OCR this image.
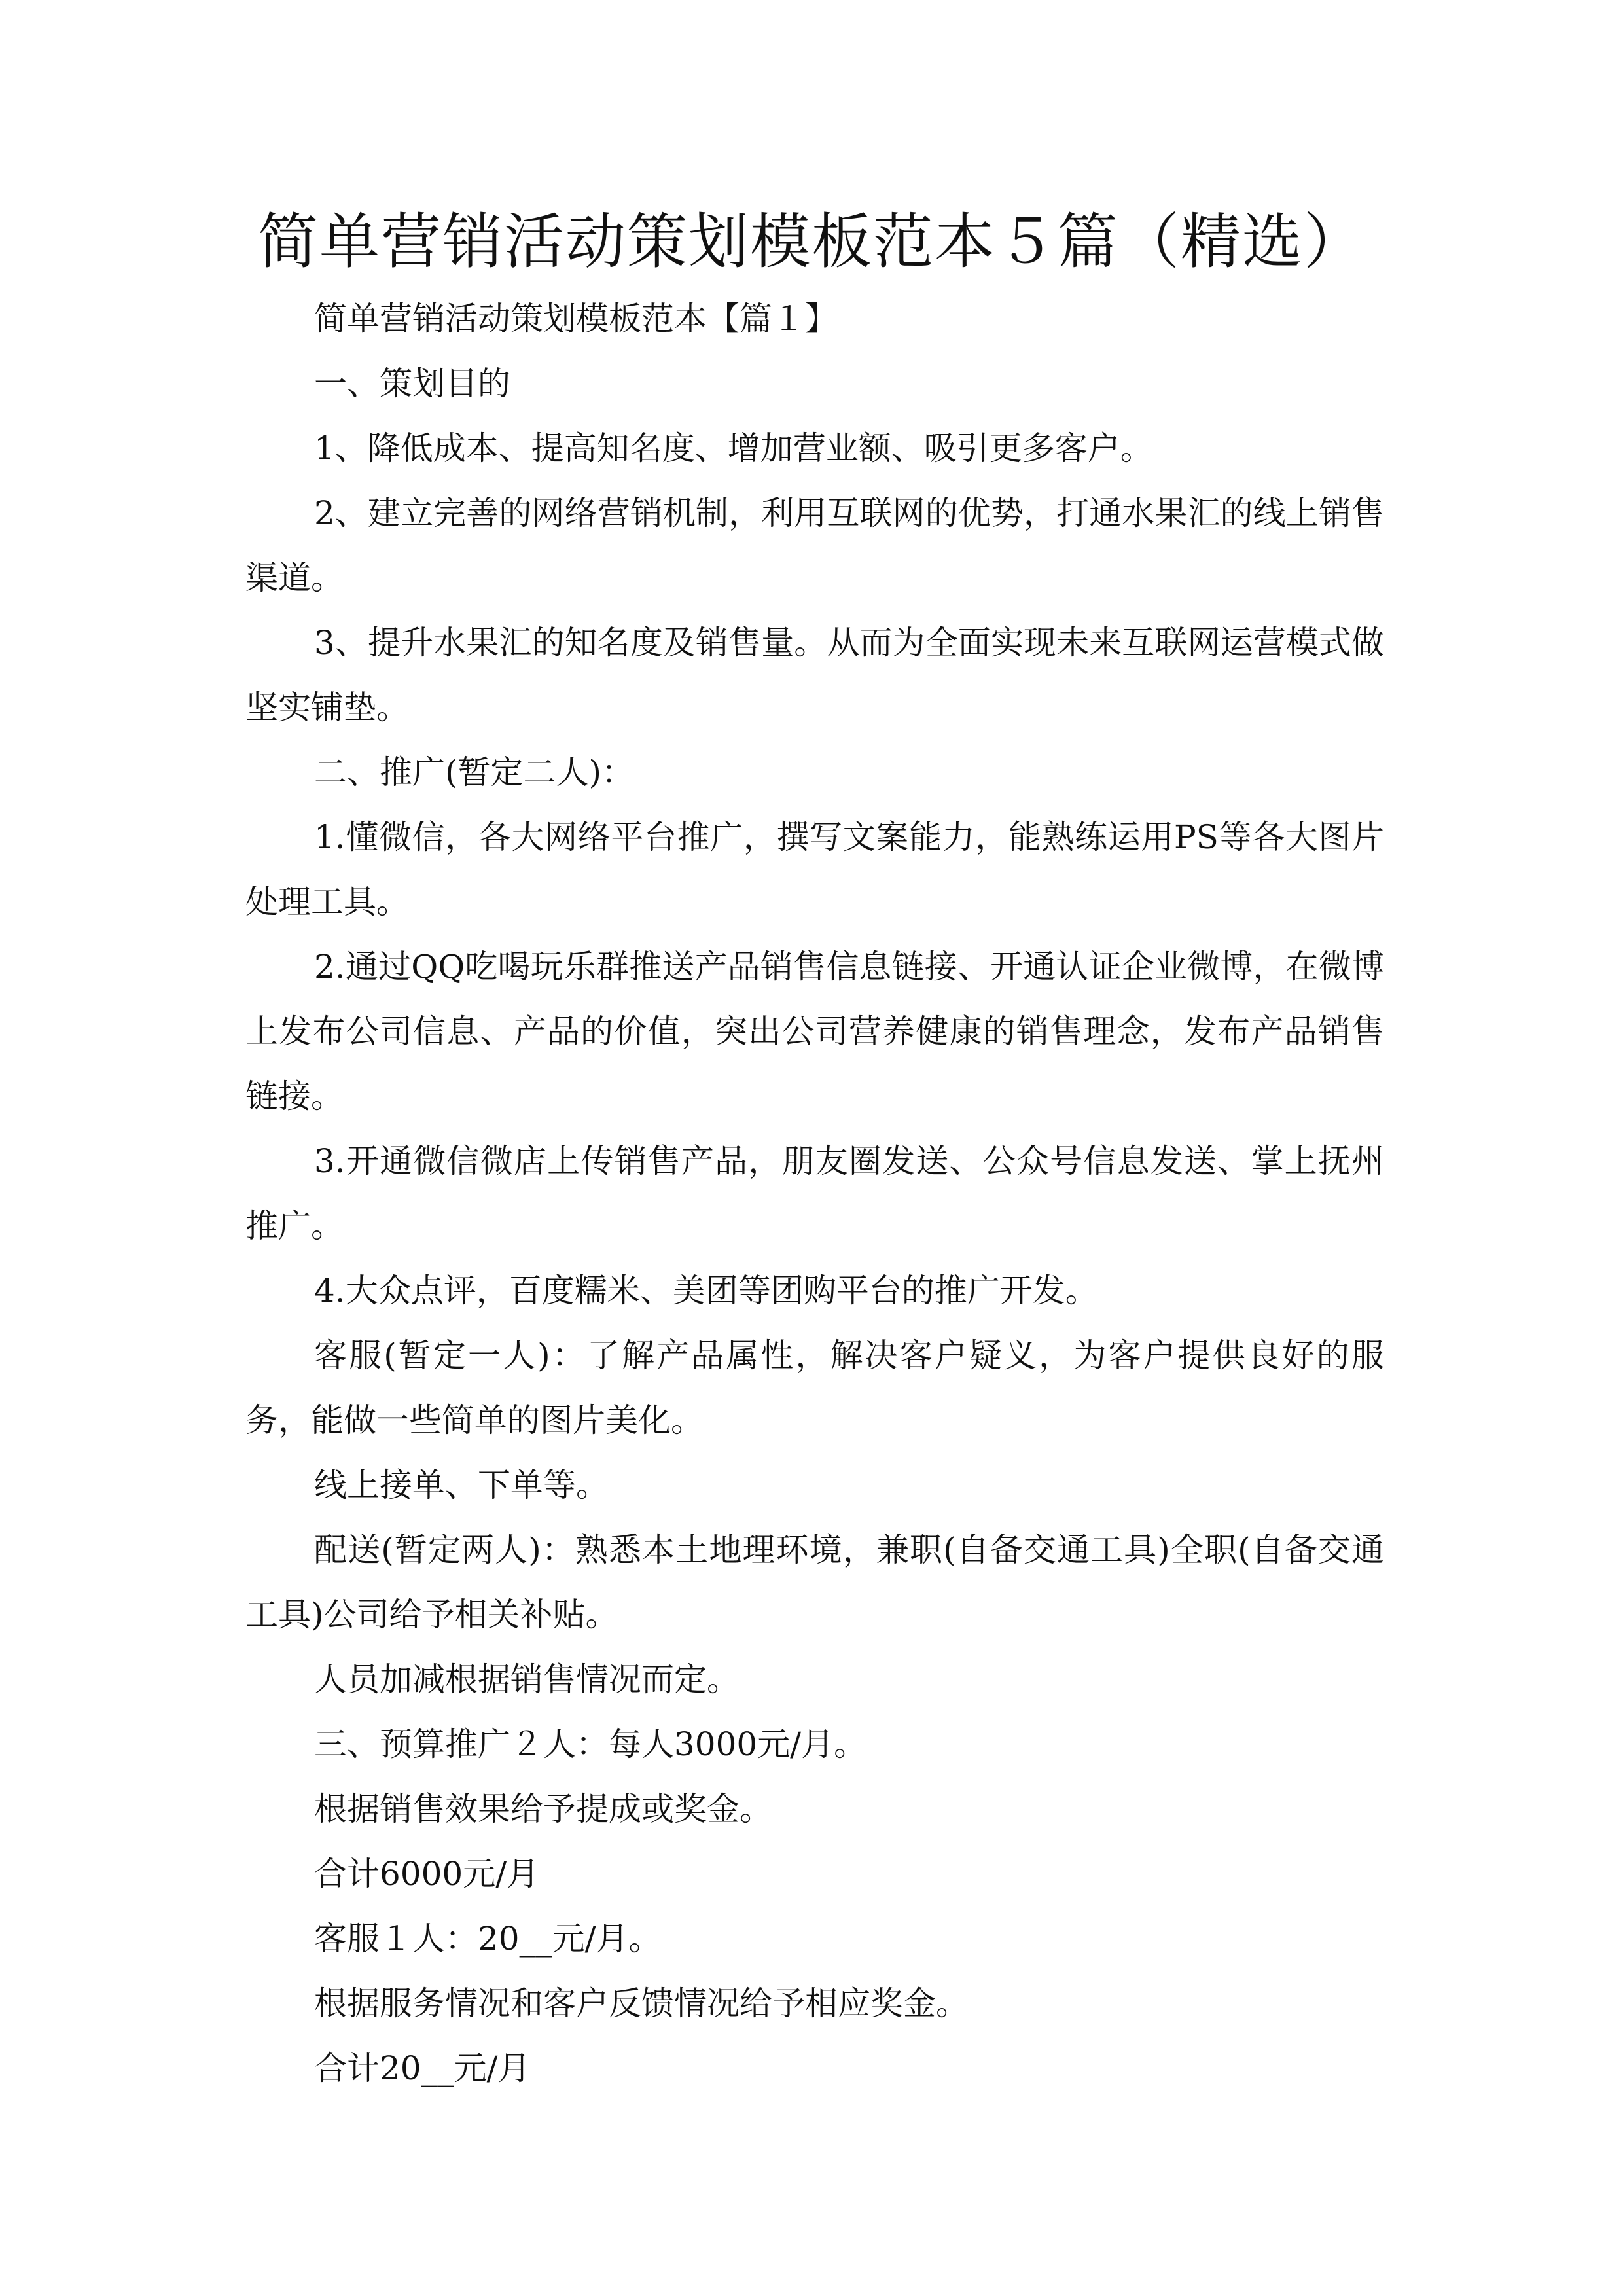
简单营销活动策划模板范本５篇（精选）

简单营销活动策划模板范本【篇１】

一、策划目的

1、降低成本、提高知名度、增加营业额、吸引更多客户。

2、建立完善的网络营销机制，利用互联网的优势，打通水果汇的线上销售渠道。

3、提升水果汇的知名度及销售量。从而为全面实现未来互联网运营模式做坚实铺垫。

二、推广(暂定二人)：

1.懂微信，各大网络平台推广，撰写文案能力，能熟练运用PS等各大图片处理工具。

2.通过QQ吃喝玩乐群推送产品销售信息链接、开通认证企业微博，在微博上发布公司信息、产品的价值，突出公司营养健康的销售理念，发布产品销售链接。

3.开通微信微店上传销售产品，朋友圈发送、公众号信息发送、掌上抚州推广。

4.大众点评，百度糯米、美团等团购平台的推广开发。

客服(暂定一人)：了解产品属性，解决客户疑义，为客户提供良好的服务，能做一些简单的图片美化。

线上接单、下单等。

配送(暂定两人)：熟悉本土地理环境，兼职(自备交通工具)全职(自备交通工具)公司给予相关补贴。

人员加减根据销售情况而定。

三、预算推广２人：每人3000元/月。

根据销售效果给予提成或奖金。

合计6000元/月

客服１人：20__元/月。

根据服务情况和客户反馈情况给予相应奖金。

合计20__元/月
